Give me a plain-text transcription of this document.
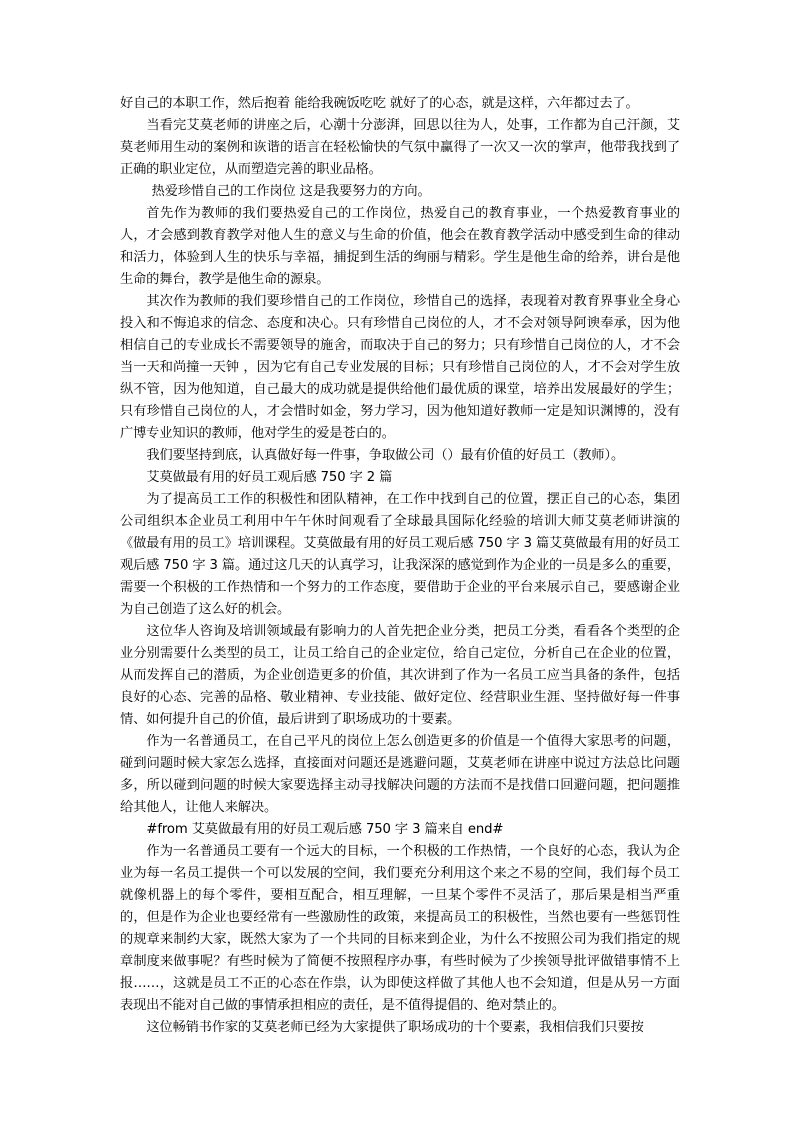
好自己的本职工作，然后抱着 能给我碗饭吃吃 就好了的心态，就是这样，六年都过去了。

当看完艾莫老师的讲座之后，心潮十分澎湃，回思以往为人，处事，工作都为自己汗颜，艾莫老师用生动的案例和诙谐的语言在轻松愉快的气氛中赢得了一次又一次的掌声，他带我找到了正确的职业定位，从而塑造完善的职业品格。

热爱珍惜自己的工作岗位 这是我要努力的方向。

首先作为教师的我们要热爱自己的工作岗位，热爱自己的教育事业，一个热爱教育事业的人，才会感到教育教学对他人生的意义与生命的价值，他会在教育教学活动中感受到生命的律动和活力，体验到人生的快乐与幸福，捕捉到生活的绚丽与精彩。学生是他生命的给养，讲台是他生命的舞台，教学是他生命的源泉。

其次作为教师的我们要珍惜自己的工作岗位，珍惜自己的选择，表现着对教育界事业全身心投入和不悔追求的信念、态度和决心。只有珍惜自己岗位的人，才不会对领导阿谀奉承，因为他相信自己的专业成长不需要领导的施舍，而取决于自己的努力；只有珍惜自己岗位的人，才不会 当一天和尚撞一天钟 ，因为它有自己专业发展的目标；只有珍惜自己岗位的人，才不会对学生放纵不管，因为他知道，自己最大的成功就是提供给他们最优质的课堂，培养出发展最好的学生；只有珍惜自己岗位的人，才会惜时如金，努力学习，因为他知道好教师一定是知识渊博的，没有广博专业知识的教师，他对学生的爱是苍白的。

我们要坚持到底，认真做好每一件事，争取做公司（）最有价值的好员工（教师）。

艾莫做最有用的好员工观后感 750 字 2 篇

为了提高员工工作的积极性和团队精神，在工作中找到自己的位置，摆正自己的心态，集团公司组织本企业员工利用中午午休时间观看了全球最具国际化经验的培训大师艾莫老师讲演的《做最有用的员工》培训课程。艾莫做最有用的好员工观后感 750 字 3 篇艾莫做最有用的好员工观后感 750 字 3 篇。通过这几天的认真学习，让我深深的感觉到作为企业的一员是多么的重要，需要一个积极的工作热情和一个努力的工作态度，要借助于企业的平台来展示自己，要感谢企业为自己创造了这么好的机会。

这位华人咨询及培训领域最有影响力的人首先把企业分类，把员工分类，看看各个类型的企业分别需要什么类型的员工，让员工给自己的企业定位，给自己定位，分析自己在企业的位置，从而发挥自己的潜质，为企业创造更多的价值，其次讲到了作为一名员工应当具备的条件，包括良好的心态、完善的品格、敬业精神、专业技能、做好定位、经营职业生涯、坚持做好每一件事情、如何提升自己的价值，最后讲到了职场成功的十要素。

作为一名普通员工，在自己平凡的岗位上怎么创造更多的价值是一个值得大家思考的问题，碰到问题时候大家怎么选择，直接面对问题还是逃避问题，艾莫老师在讲座中说过方法总比问题多，所以碰到问题的时候大家要选择主动寻找解决问题的方法而不是找借口回避问题，把问题推给其他人，让他人来解决。

#from 艾莫做最有用的好员工观后感 750 字 3 篇来自 end#

作为一名普通员工要有一个远大的目标，一个积极的工作热情，一个良好的心态，我认为企业为每一名员工提供一个可以发展的空间，我们要充分利用这个来之不易的空间，我们每个员工就像机器上的每个零件，要相互配合，相互理解，一旦某个零件不灵活了，那后果是相当严重的，但是作为企业也要经常有一些激励性的政策，来提高员工的积极性，当然也要有一些惩罚性的规章来制约大家，既然大家为了一个共同的目标来到企业，为什么不按照公司为我们指定的规章制度来做事呢？有些时候为了简便不按照程序办事，有些时候为了少挨领导批评做错事情不上报……，这就是员工不正的心态在作祟，认为即使这样做了其他人也不会知道，但是从另一方面表现出不能对自己做的事情承担相应的责任，是不值得提倡的、绝对禁止的。

这位畅销书作家的艾莫老师已经为大家提供了职场成功的十个要素，我相信我们只要按
